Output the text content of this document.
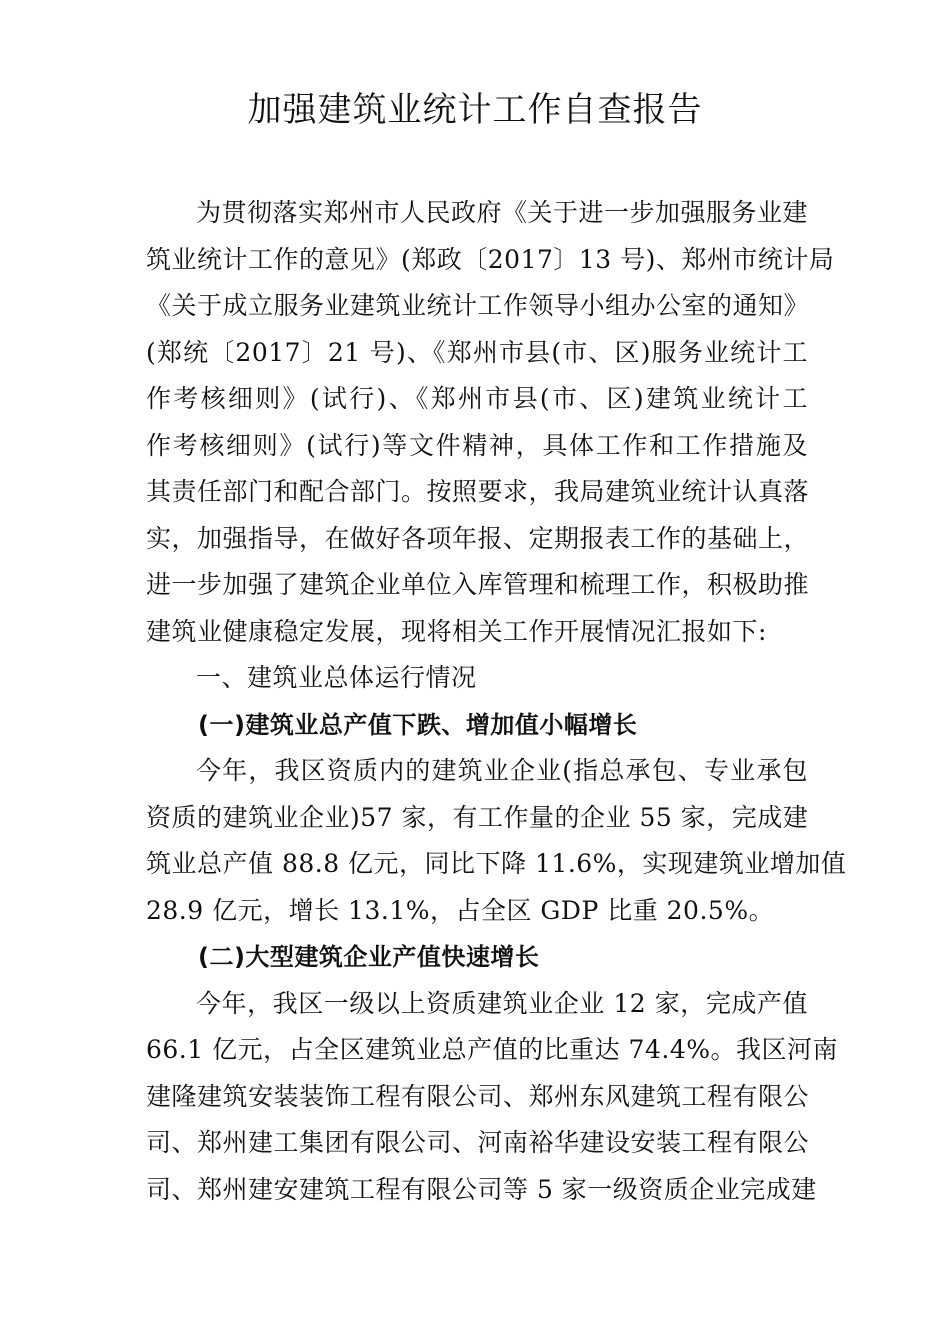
加强建筑业统计工作自查报告
为贯彻落实郑州市人民政府《关于进一步加强服务业建
筑业统计工作的意见》(郑政〔2017〕13 号)、郑州市统计局
《关于成立服务业建筑业统计工作领导小组办公室的通知》
(郑统〔2017〕21 号)、《郑州市县(市、区)服务业统计工
作考核细则》(试行)、《郑州市县(市、区)建筑业统计工
作考核细则》(试行)等文件精神，具体工作和工作措施及
其责任部门和配合部门。按照要求，我局建筑业统计认真落
实，加强指导，在做好各项年报、定期报表工作的基础上，
进一步加强了建筑企业单位入库管理和梳理工作，积极助推
建筑业健康稳定发展，现将相关工作开展情况汇报如下:
一、建筑业总体运行情况
(一)建筑业总产值下跌、增加值小幅增长
今年，我区资质内的建筑业企业(指总承包、专业承包
资质的建筑业企业)57 家，有工作量的企业 55 家，完成建
筑业总产值 88.8 亿元，同比下降 11.6%，实现建筑业增加值
28.9 亿元，增长 13.1%，占全区 GDP 比重 20.5%。
(二)大型建筑企业产值快速增长
今年，我区一级以上资质建筑业企业 12 家，完成产值
66.1 亿元，占全区建筑业总产值的比重达 74.4%。我区河南
建隆建筑安装装饰工程有限公司、郑州东风建筑工程有限公
司、郑州建工集团有限公司、河南裕华建设安装工程有限公
司、郑州建安建筑工程有限公司等 5 家一级资质企业完成建
